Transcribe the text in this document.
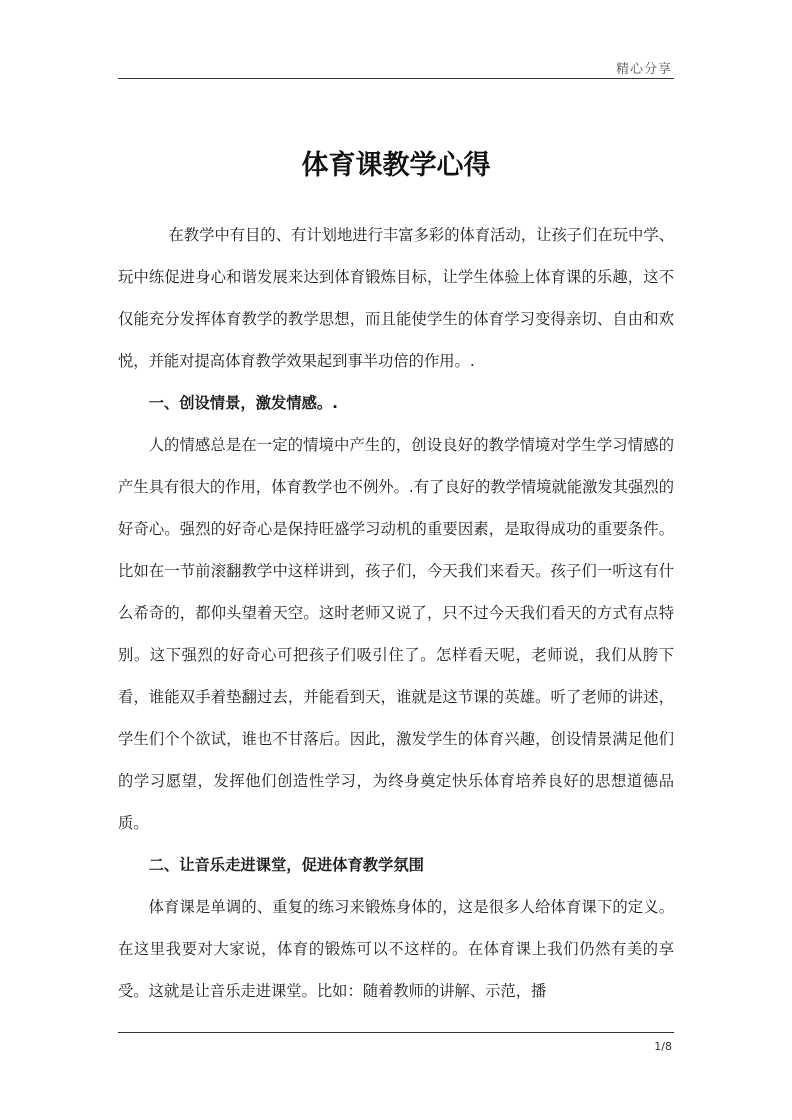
精心分享
体育课教学心得

在教学中有目的、有计划地进行丰富多彩的体育活动，让孩子们在玩中学、玩中练促进身心和谐发展来达到体育锻炼目标，让学生体验上体育课的乐趣，这不仅能充分发挥体育教学的教学思想，而且能使学生的体育学习变得亲切、自由和欢悦，并能对提高体育教学效果起到事半功倍的作用。.

一、创设情景，激发情感。.

人的情感总是在一定的情境中产生的，创设良好的教学情境对学生学习情感的产生具有很大的作用，体育教学也不例外。.有了良好的教学情境就能激发其强烈的好奇心。强烈的好奇心是保持旺盛学习动机的重要因素，是取得成功的重要条件。比如在一节前滚翻教学中这样讲到，孩子们，今天我们来看天。孩子们一听这有什么希奇的，都仰头望着天空。这时老师又说了，只不过今天我们看天的方式有点特别。这下强烈的好奇心可把孩子们吸引住了。怎样看天呢，老师说，我们从胯下看，谁能双手着垫翻过去，并能看到天，谁就是这节课的英雄。听了老师的讲述，学生们个个欲试，谁也不甘落后。因此，激发学生的体育兴趣，创设情景满足他们的学习愿望，发挥他们创造性学习，为终身奠定快乐体育培养良好的思想道德品质。

二、让音乐走进课堂，促进体育教学氛围

体育课是单调的、重复的练习来锻炼身体的，这是很多人给体育课下的定义。在这里我要对大家说，体育的锻炼可以不这样的。在体育课上我们仍然有美的享受。这就是让音乐走进课堂。比如：随着教师的讲解、示范，播

1/8
